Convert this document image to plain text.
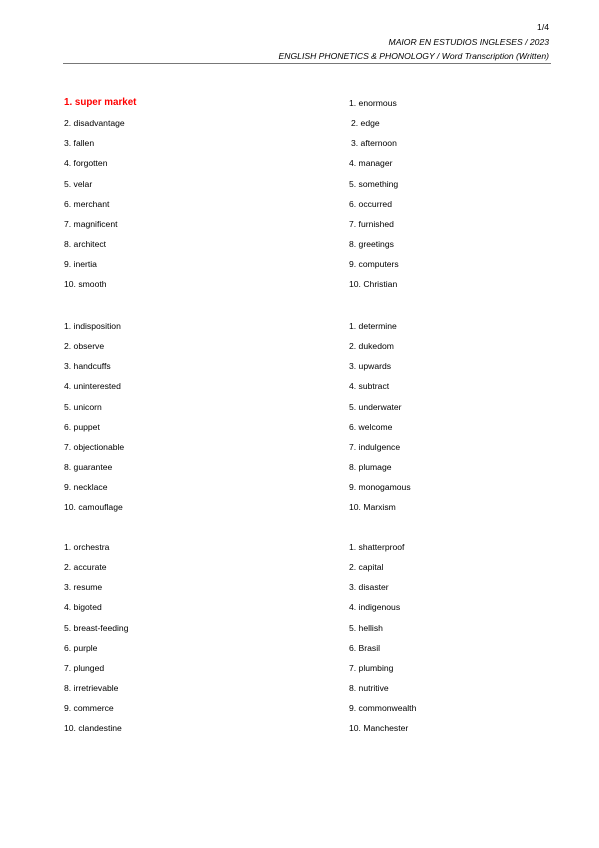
1/4
MAIOR EN ESTUDIOS INGLESES / 2023
ENGLISH PHONETICS & PHONOLOGY / Word Transcription (Written)
1. super market
2. disadvantage
3. fallen
4. forgotten
5. velar
6. merchant
7. magnificent
8. architect
9. inertia
10. smooth
1. enormous
2. edge
3. afternoon
4. manager
5. something
6. occurred
7. furnished
8. greetings
9. computers
10. Christian
1. indisposition
2. observe
3. handcuffs
4. uninterested
5. unicorn
6. puppet
7. objectionable
8. guarantee
9. necklace
10. camouflage
1. determine
2. dukedom
3. upwards
4. subtract
5. underwater
6. welcome
7. indulgence
8. plumage
9. monogamous
10. Marxism
1. orchestra
2. accurate
3. resume
4. bigoted
5. breast-feeding
6. purple
7. plunged
8. irretrievable
9. commerce
10. clandestine
1. shatterproof
2. capital
3. disaster
4. indigenous
5. hellish
6. Brasil
7. plumbing
8. nutritive
9. commonwealth
10. Manchester
